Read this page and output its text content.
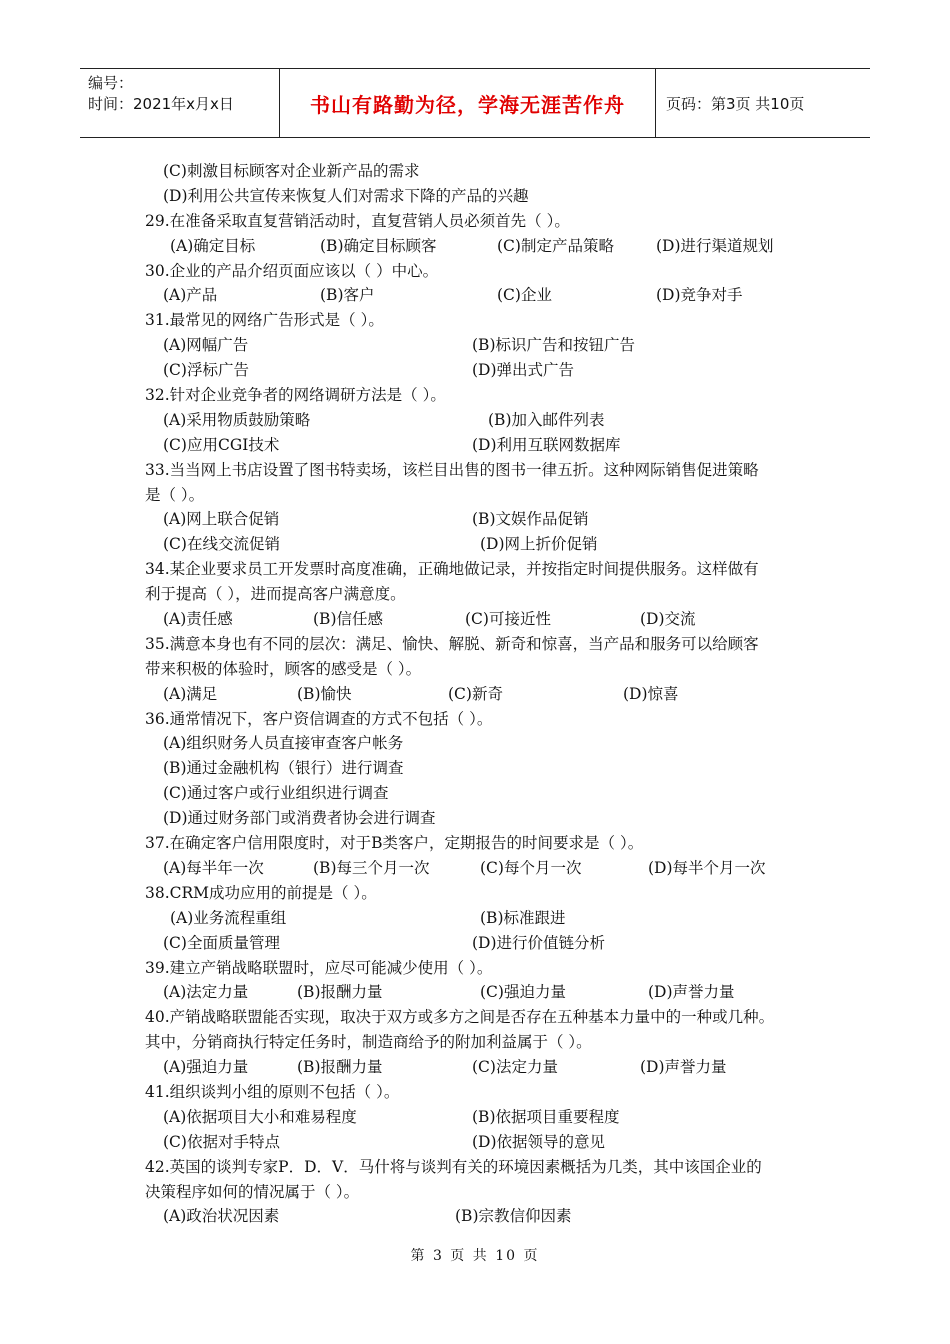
编号：
时间：2021年x月x日	书山有路勤为径，学海无涯苦作舟	页码：第3页 共10页
(C)刺激目标顾客对企业新产品的需求
(D)利用公共宣传来恢复人们对需求下降的产品的兴趣
29.在准备采取直复营销活动时，直复营销人员必须首先（ ）。
(A)确定目标	(B)确定目标顾客	(C)制定产品策略	(D)进行渠道规划
30.企业的产品介绍页面应该以（ ）中心。
(A)产品	(B)客户	(C)企业	(D)竞争对手
31.最常见的网络广告形式是（ ）。
(A)网幅广告	(B)标识广告和按钮广告
(C)浮标广告	(D)弹出式广告
32.针对企业竞争者的网络调研方法是（ ）。
(A)采用物质鼓励策略	(B)加入邮件列表
(C)应用CGI技术	(D)利用互联网数据库
33.当当网上书店设置了图书特卖场，该栏目出售的图书一律五折。这种网际销售促进策略
是（ ）。
(A)网上联合促销	(B)文娱作品促销
(C)在线交流促销	(D)网上折价促销
34.某企业要求员工开发票时高度准确，正确地做记录，并按指定时间提供服务。这样做有
利于提高（ ），进而提高客户满意度。
(A)责任感	(B)信任感	(C)可接近性	(D)交流
35.满意本身也有不同的层次：满足、愉快、解脱、新奇和惊喜，当产品和服务可以给顾客
带来积极的体验时，顾客的感受是（ ）。
(A)满足	(B)愉快	(C)新奇	(D)惊喜
36.通常情况下，客户资信调查的方式不包括（ ）。
(A)组织财务人员直接审查客户帐务
(B)通过金融机构（银行）进行调查
(C)通过客户或行业组织进行调查
(D)通过财务部门或消费者协会进行调查
37.在确定客户信用限度时，对于B类客户，定期报告的时间要求是（ ）。
(A)每半年一次	(B)每三个月一次	(C)每个月一次	(D)每半个月一次
38.CRM成功应用的前提是（ ）。
(A)业务流程重组	(B)标准跟进
(C)全面质量管理	(D)进行价值链分析
39.建立产销战略联盟时，应尽可能减少使用（ ）。
(A)法定力量	(B)报酬力量	(C)强迫力量	(D)声誉力量
40.产销战略联盟能否实现，取决于双方或多方之间是否存在五种基本力量中的一种或几种。
其中，分销商执行特定任务时，制造商给予的附加利益属于（ ）。
(A)强迫力量	(B)报酬力量	(C)法定力量	(D)声誉力量
41.组织谈判小组的原则不包括（ ）。
(A)依据项目大小和难易程度	(B)依据项目重要程度
(C)依据对手特点	(D)依据领导的意见
42.英国的谈判专家P．D．V．马什将与谈判有关的环境因素概括为几类，其中该国企业的
决策程序如何的情况属于（ ）。
(A)政治状况因素	(B)宗教信仰因素
第 3 页 共 10 页
